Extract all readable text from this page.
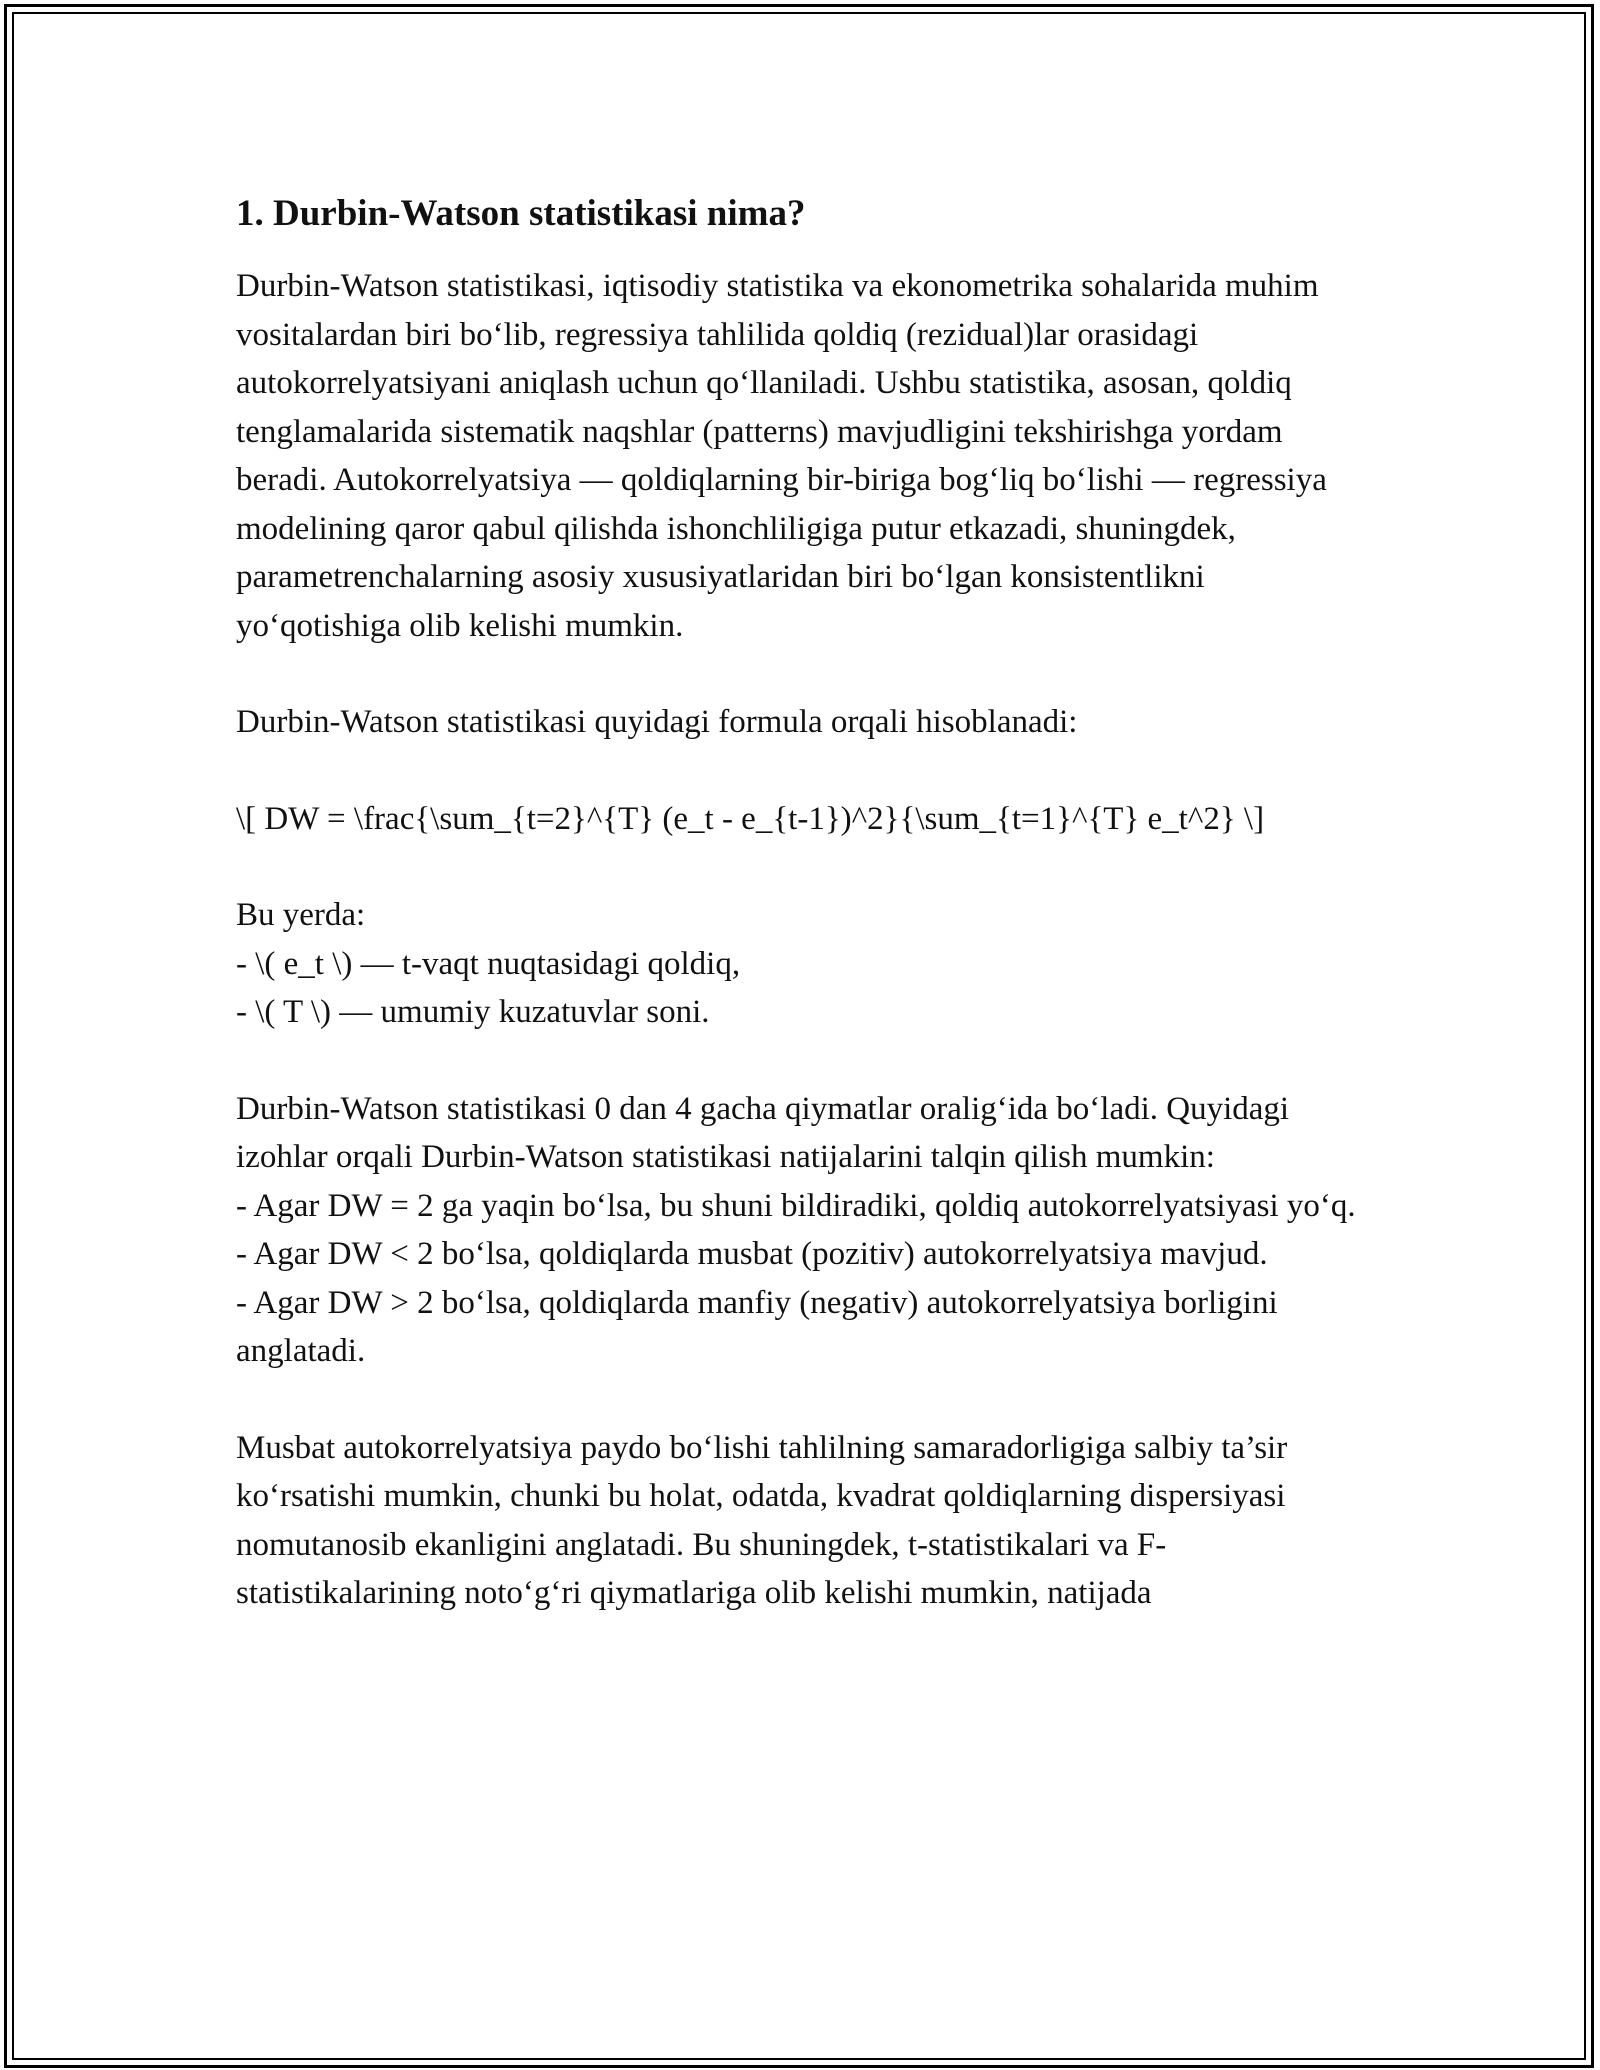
1. Durbin-Watson statistikasi nima?

Durbin-Watson statistikasi, iqtisodiy statistika va ekonometrika sohalarida muhim vositalardan biri bo‘lib, regressiya tahlilida qoldiq (rezidual)lar orasidagi autokorrelyatsiyani aniqlash uchun qo‘llaniladi. Ushbu statistika, asosan, qoldiq tenglamalarida sistematik naqshlar (patterns) mavjudligini tekshirishga yordam beradi. Autokorrelyatsiya — qoldiqlarning bir-biriga bog‘liq bo‘lishi — regressiya modelining qaror qabul qilishda ishonchliligiga putur etkazadi, shuningdek, parametrenchalarning asosiy xususiyatlaridan biri bo‘lgan konsistentlikni yo‘qotishiga olib kelishi mumkin.

Durbin-Watson statistikasi quyidagi formula orqali hisoblanadi:

\[ DW = \frac{\sum_{t=2}^{T} (e_t - e_{t-1})^2}{\sum_{t=1}^{T} e_t^2} \]

Bu yerda:
- \( e_t \) — t-vaqt nuqtasidagi qoldiq,
- \( T \) — umumiy kuzatuvlar soni.
Durbin-Watson statistikasi 0 dan 4 gacha qiymatlar oralig‘ida bo‘ladi. Quyidagi izohlar orqali Durbin-Watson statistikasi natijalarini talqin qilish mumkin:
- Agar DW = 2 ga yaqin bo‘lsa, bu shuni bildiradiki, qoldiq autokorrelyatsiyasi yo‘q.
- Agar DW < 2 bo‘lsa, qoldiqlarda musbat (pozitiv) autokorrelyatsiya mavjud.
- Agar DW > 2 bo‘lsa, qoldiqlarda manfiy (negativ) autokorrelyatsiya borligini anglatadi.

Musbat autokorrelyatsiya paydo bo‘lishi tahlilning samaradorligiga salbiy ta’sir ko‘rsatishi mumkin, chunki bu holat, odatda, kvadrat qoldiqlarning dispersiyasi nomutanosib ekanligini anglatadi. Bu shuningdek, t-statistikalari va F-statistikalarining noto‘g‘ri qiymatlariga olib kelishi mumkin, natijada
